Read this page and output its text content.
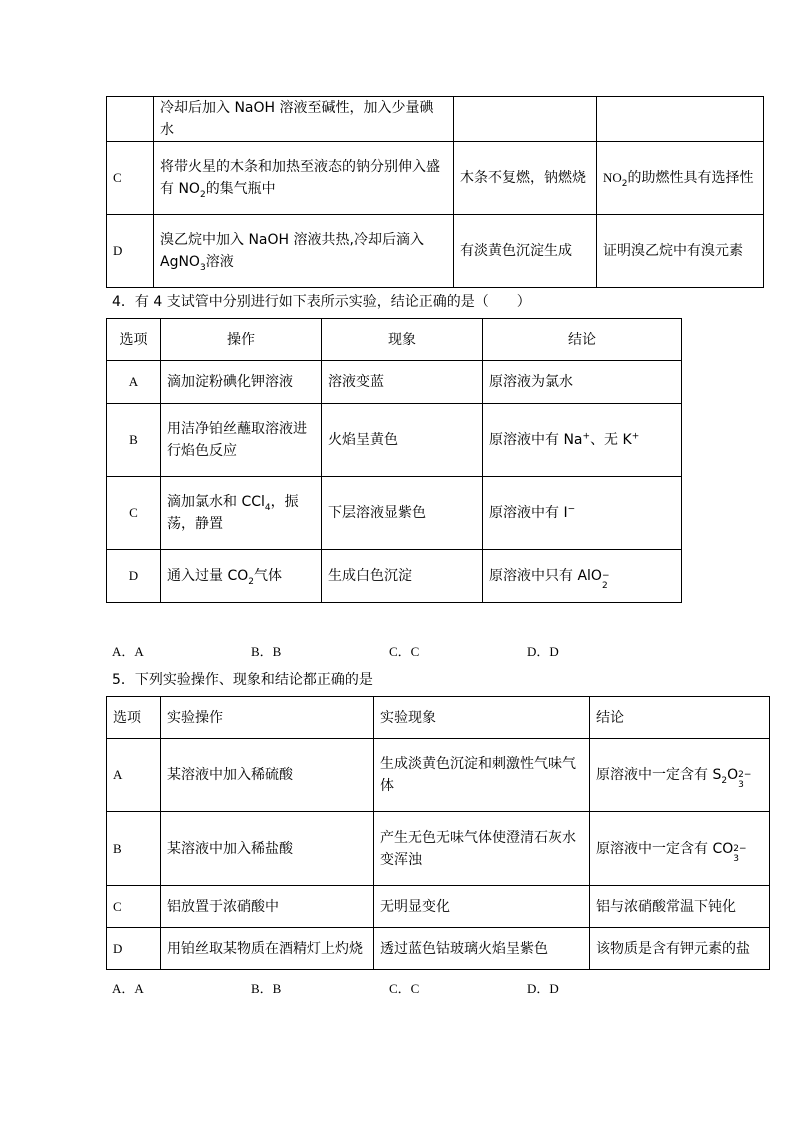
	冷却后加入 NaOH 溶液至碱性，加入少量碘水		
C	将带火星的木条和加热至液态的钠分别伸入盛有 $NO_2$的集气瓶中	木条不复燃，钠燃烧	$NO_2$的助燃性具有选择性
D	溴乙烷中加入 NaOH 溶液共热,冷却后滴入 AgNO$_3$溶液	有淡黄色沉淀生成	证明溴乙烷中有溴元素
4．有 4 支试管中分别进行如下表所示实验，结论正确的是（　　）
选项	操作	现象	结论
A	滴加淀粉碘化钾溶液	溶液变蓝	原溶液为氯水
B	用洁净铂丝蘸取溶液进行焰色反应	火焰呈黄色	原溶液中有 Na+、无 K+
C	滴加氯水和 CCl$_4$，振荡，静置	下层溶液显紫色	原溶液中有 I−
D	通入过量 $CO_2$气体	生成白色沉淀	原溶液中只有 AlO −
2
A．A	B．B	C．C	D．D
5．下列实验操作、现象和结论都正确的是
选项	实验操作	实验现象	结论
A	某溶液中加入稀硫酸	生成淡黄色沉淀和刺激性气味气体	原溶液中一定含有 $S_2O$ 2−
3

B	某溶液中加入稀盐酸	产生无色无味气体使澄清石灰水变浑浊	原溶液中一定含有 CO 2−
3

C	铝放置于浓硝酸中	无明显变化	铝与浓硝酸常温下钝化
D	用铂丝取某物质在酒精灯上灼烧	透过蓝色钴玻璃火焰呈紫色	该物质是含有钾元素的盐
A．A	B．B	C．C	D．D
